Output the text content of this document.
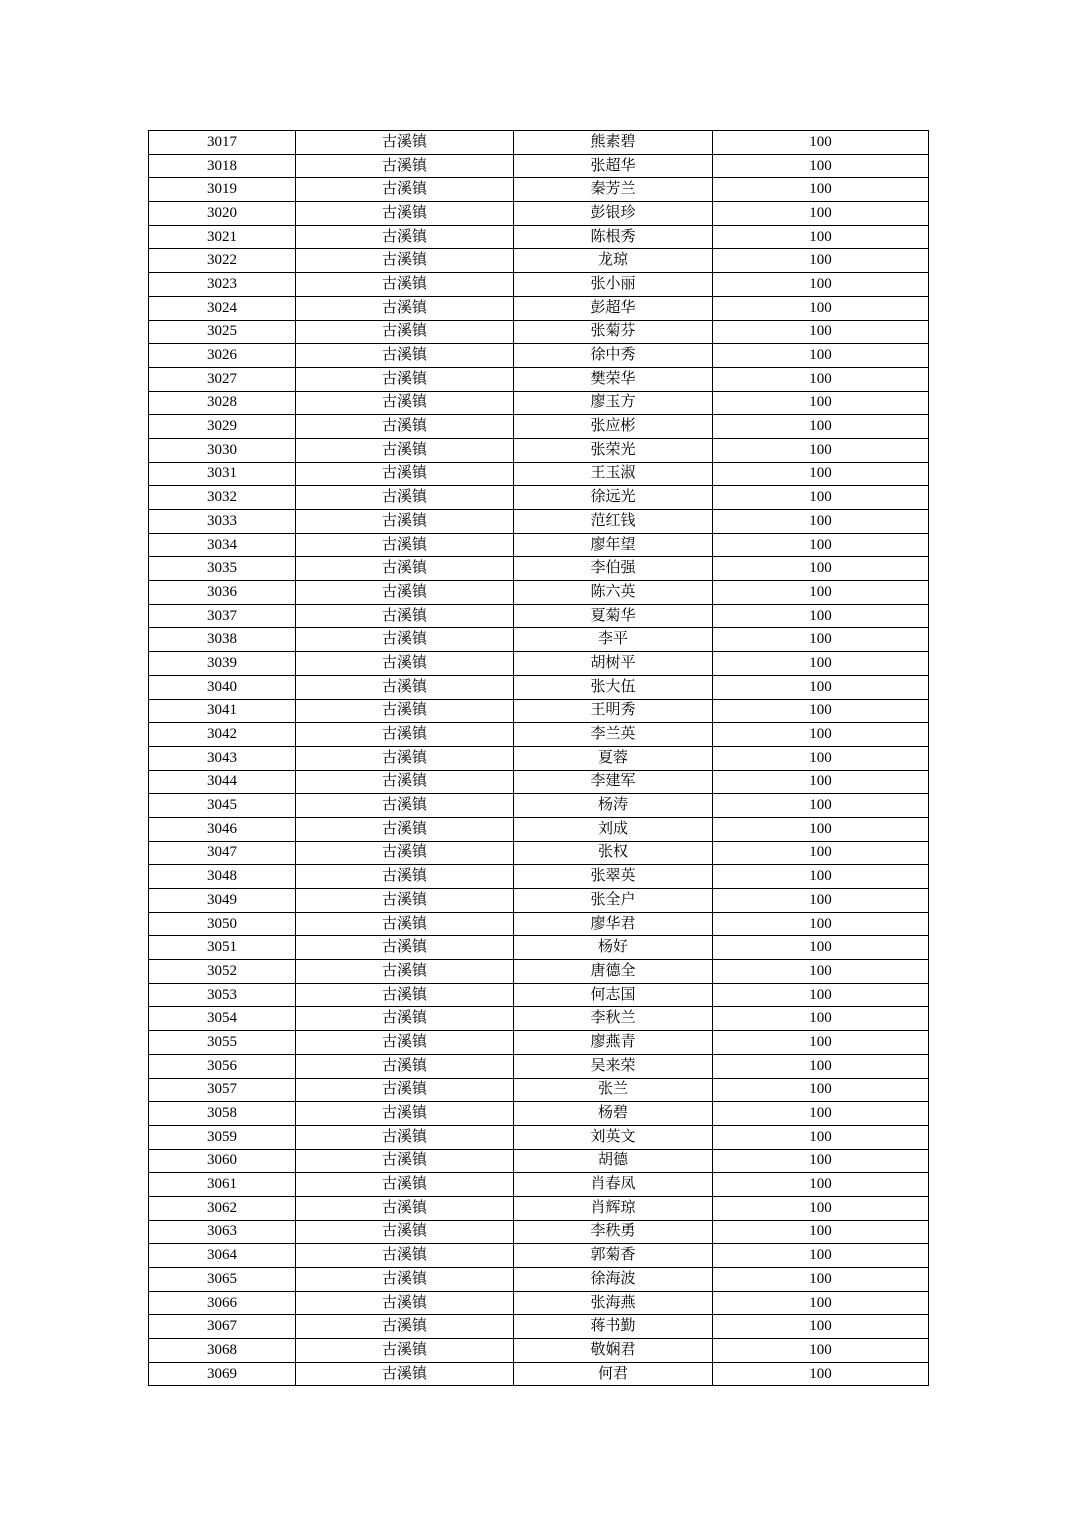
3017	古溪镇	熊素碧	100
3018	古溪镇	张超华	100
3019	古溪镇	秦芳兰	100
3020	古溪镇	彭银珍	100
3021	古溪镇	陈根秀	100
3022	古溪镇	龙琼	100
3023	古溪镇	张小丽	100
3024	古溪镇	彭超华	100
3025	古溪镇	张菊芬	100
3026	古溪镇	徐中秀	100
3027	古溪镇	樊荣华	100
3028	古溪镇	廖玉方	100
3029	古溪镇	张应彬	100
3030	古溪镇	张荣光	100
3031	古溪镇	王玉淑	100
3032	古溪镇	徐远光	100
3033	古溪镇	范红钱	100
3034	古溪镇	廖年望	100
3035	古溪镇	李伯强	100
3036	古溪镇	陈六英	100
3037	古溪镇	夏菊华	100
3038	古溪镇	李平	100
3039	古溪镇	胡树平	100
3040	古溪镇	张大伍	100
3041	古溪镇	王明秀	100
3042	古溪镇	李兰英	100
3043	古溪镇	夏蓉	100
3044	古溪镇	李建军	100
3045	古溪镇	杨涛	100
3046	古溪镇	刘成	100
3047	古溪镇	张权	100
3048	古溪镇	张翠英	100
3049	古溪镇	张全户	100
3050	古溪镇	廖华君	100
3051	古溪镇	杨好	100
3052	古溪镇	唐德全	100
3053	古溪镇	何志国	100
3054	古溪镇	李秋兰	100
3055	古溪镇	廖燕青	100
3056	古溪镇	吴来荣	100
3057	古溪镇	张兰	100
3058	古溪镇	杨碧	100
3059	古溪镇	刘英文	100
3060	古溪镇	胡德	100
3061	古溪镇	肖春凤	100
3062	古溪镇	肖辉琼	100
3063	古溪镇	李秩勇	100
3064	古溪镇	郭菊香	100
3065	古溪镇	徐海波	100
3066	古溪镇	张海燕	100
3067	古溪镇	蒋书勤	100
3068	古溪镇	敬娴君	100
3069	古溪镇	何君	100
